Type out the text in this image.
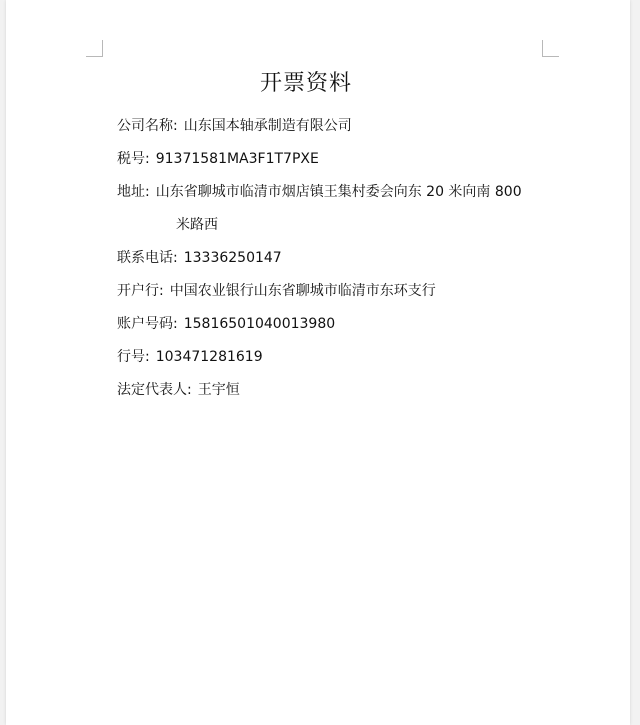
开票资料
公司名称: 山东国本轴承制造有限公司
税号: 91371581MA3F1T7PXE
地址: 山东省聊城市临清市烟店镇王集村委会向东 20 米向南 800
米路西
联系电话: 13336250147
开户行: 中国农业银行山东省聊城市临清市东环支行
账户号码: 15816501040013980
行号: 103471281619
法定代表人: 王宇恒
